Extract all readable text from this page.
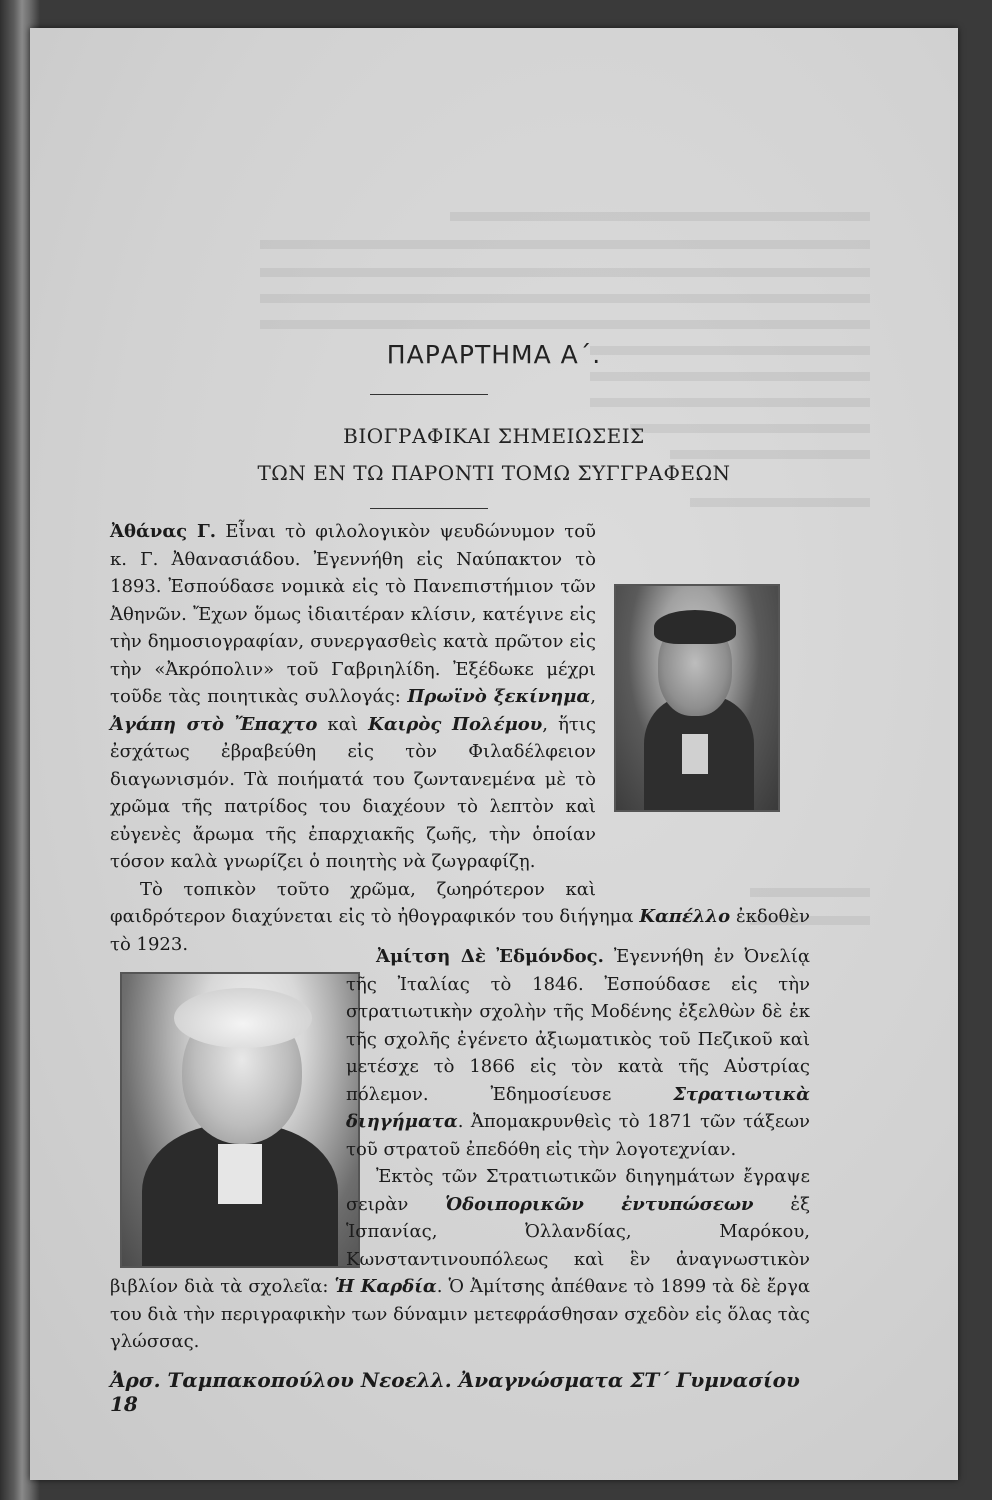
ΠΑΡΑΡΤΗΜΑ Α΄.
ΒΙΟΓΡΑΦΙΚΑΙ ΣΗΜΕΙΩΣΕΙΣ
ΤΩΝ ΕΝ ΤΩ ΠΑΡΟΝΤΙ ΤΟΜΩ ΣΥΓΓΡΑΦΕΩΝ

Ἀθάνας Γ. Εἶναι τὸ φιλολογικὸν ψευδώνυμον τοῦ κ. Γ. Ἀθανασιάδου. Ἐγεννήθη εἰς Ναύπακτον τὸ 1893. Ἐσπούδασε νομικὰ εἰς τὸ Πανεπιστήμιον τῶν Ἀθηνῶν. Ἔχων ὅμως ἰδιαιτέραν κλίσιν, κατέγινε εἰς τὴν δημοσιογραφίαν, συνεργασθεὶς κατὰ πρῶτον εἰς τὴν «Ἀκρόπολιν» τοῦ Γαβριηλίδη. Ἐξέδωκε μέχρι τοῦδε τὰς ποιητικὰς συλλογάς: Πρωϊνὸ ξεκίνημα, Ἀγάπη στὸ Ἔπαχτο καὶ Καιρὸς Πολέμου, ἥτις ἐσχάτως ἐβραβεύθη εἰς τὸν Φιλαδέλφειον διαγωνισμόν. Τὰ ποιήματά του ζωντανεμένα μὲ τὸ χρῶμα τῆς πατρίδος του διαχέουν τὸ λεπτὸν καὶ εὐγενὲς ἄρωμα τῆς ἐπαρχιακῆς ζωῆς, τὴν ὁποίαν τόσον καλὰ γνωρίζει ὁ ποιητὴς νὰ ζωγραφίζῃ.

Τὸ τοπικὸν τοῦτο χρῶμα, ζωηρότερον καὶ φαιδρότερον διαχύνεται εἰς τὸ ἠθογραφικόν του διήγημα Καπέλλο ἐκδοθὲν τὸ 1923.

Ἀμίτση Δὲ Ἐδμόνδος. Ἐγεννήθη ἐν Ὀνελίᾳ τῆς Ἰταλίας τὸ 1846. Ἐσπούδασε εἰς τὴν στρατιωτικὴν σχολὴν τῆς Μοδένης ἐξελθὼν δὲ ἐκ τῆς σχολῆς ἐγένετο ἀξιωματικὸς τοῦ Πεζικοῦ καὶ μετέσχε τὸ 1866 εἰς τὸν κατὰ τῆς Αὐστρίας πόλεμον. Ἐδημοσίευσε Στρατιωτικὰ διηγήματα. Ἀπομακρυνθεὶς τὸ 1871 τῶν τάξεων τοῦ στρατοῦ ἐπεδόθη εἰς τὴν λογοτεχνίαν.

Ἐκτὸς τῶν Στρατιωτικῶν διηγημάτων ἔγραψε σειρὰν Ὁδοιπορικῶν ἐντυπώσεων ἐξ Ἱσπανίας, Ὀλλανδίας, Μαρόκου, Κωνσταντινουπόλεως καὶ ἓν ἀναγνωστικὸν βιβλίον διὰ τὰ σχολεῖα: Ἡ Καρδία. Ὁ Ἀμίτσης ἀπέθανε τὸ 1899 τὰ δὲ ἔργα του διὰ τὴν περιγραφικὴν των δύναμιν μετεφράσθησαν σχεδὸν εἰς ὅλας τὰς γλώσσας.

Ἀρσ. Ταμπακοπούλου Νεοελλ. Ἀναγνώσματα ΣΤ΄ Γυμνασίου 18
